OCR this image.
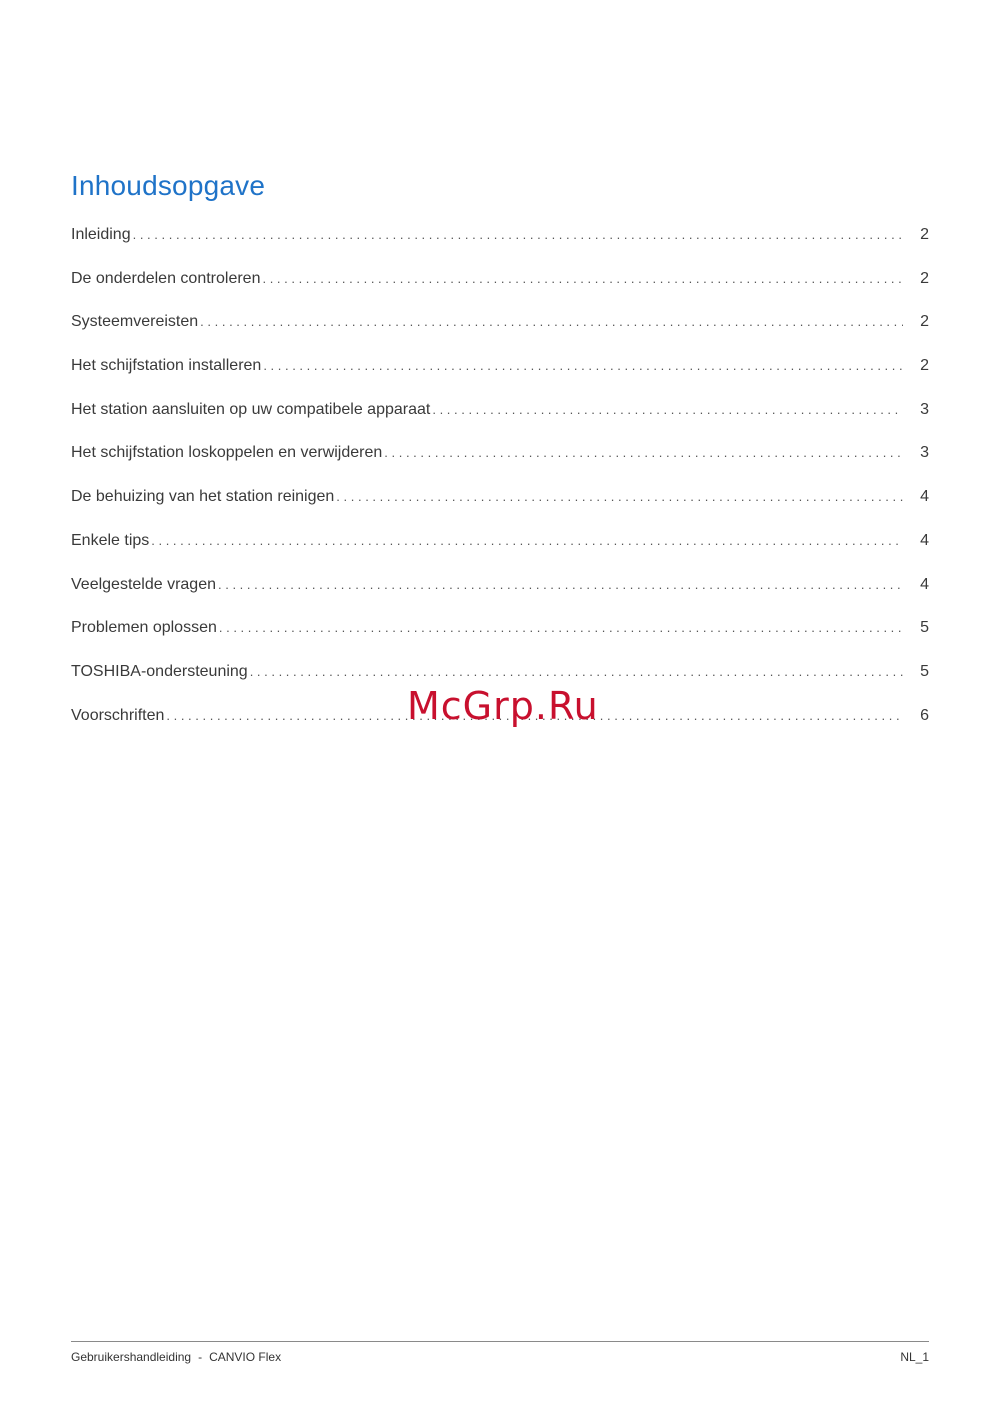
Inhoudsopgave
Inleiding . . .	2
De onderdelen controleren . . .	2
Systeemvereisten . . .	2
Het schijfstation installeren . . .	2
Het station aansluiten op uw compatibele apparaat . . .	3
Het schijfstation loskoppelen en verwijderen . . .	3
De behuizing van het station reinigen . . .	4
Enkele tips . . .	4
Veelgestelde vragen . . .	4
Problemen oplossen . . .	5
TOSHIBA-ondersteuning . . .	5
Voorschriften . . .	6
McGrp.Ru
Gebruikershandleiding - CANVIO Flex	NL_1
